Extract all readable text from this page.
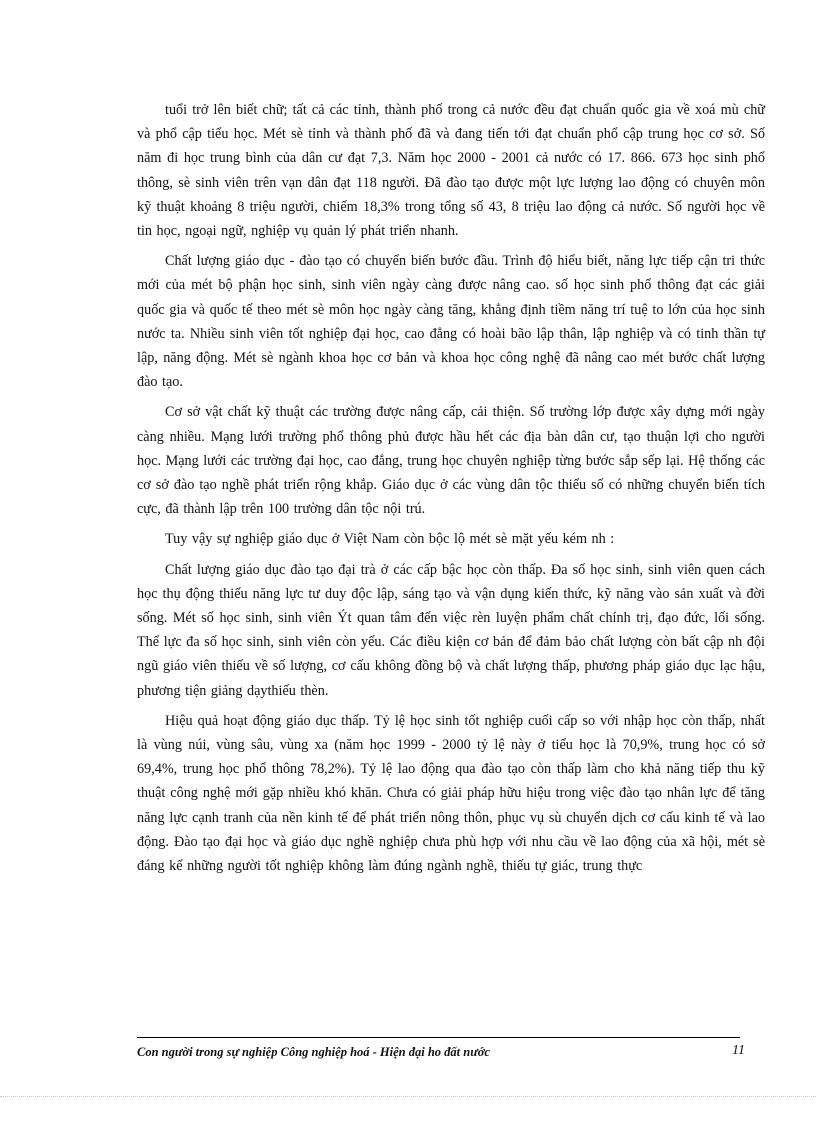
tuổi trở lên biết chữ; tất cả các tỉnh, thành phố trong cả nước đều đạt chuẩn quốc gia về xoá mù chữ và phổ cập tiểu học. Mét sè tỉnh và thành phố đã và đang tiến tới đạt chuẩn phổ cập trung học cơ sở. Số năm đi học trung bình của dân cư đạt 7,3. Năm học 2000 - 2001 cả nước có 17. 866. 673 học sinh phổ thông, sè sinh viên trên vạn dân đạt 118 người. Đã đào tạo được một lực lượng lao động có chuyên môn kỹ thuật khoảng 8 triệu người, chiếm 18,3% trong tổng số 43, 8 triệu lao động cả nước. Số người học về tin học, ngoại ngữ, nghiệp vụ quản lý phát triển nhanh.

Chất lượng giáo dục - đào tạo có chuyển biến bước đầu. Trình độ hiểu biết, năng lực tiếp cận tri thức mới của mét bộ phận học sinh, sinh viên ngày càng được nâng cao. số học sinh phổ thông đạt các giải quốc gia và quốc tế theo mét sè môn học ngày càng tăng, khẳng định tiềm năng trí tuệ to lớn của học sinh nước ta. Nhiều sinh viên tốt nghiệp đại học, cao đẳng có hoài bão lập thân, lập nghiệp và có tinh thần tự lập, năng động. Mét sè ngành khoa học cơ bản và khoa học công nghệ đã nâng cao mét bước chất lượng đào tạo.

Cơ sở vật chất kỹ thuật các trường được nâng cấp, cải thiện. Số trường lớp được xây dựng mới ngày càng nhiều. Mạng lưới trường phổ thông phủ được hầu hết các địa bàn dân cư, tạo thuận lợi cho người học. Mạng lưới các trường đại học, cao đẳng, trung học chuyên nghiệp từng bước sắp sếp lại. Hệ thống các cơ sở đào tạo nghề phát triển rộng khắp. Giáo dục ở các vùng dân tộc thiểu số có những chuyển biến tích cực, đã thành lập trên 100 trường dân tộc nội trú.

Tuy vậy sự nghiệp giáo dục ở Việt Nam còn bộc lộ mét sè mặt yếu kém nh :

Chất lượng giáo dục đào tạo đại trà ở các cấp bậc học còn thấp. Đa số học sinh, sinh viên quen cách học thụ động thiếu năng lực tư duy độc lập, sáng tạo và vận dụng kiến thức, kỹ năng vào sản xuất và đời sống. Mét số học sinh, sinh viên Ýt quan tâm đến việc rèn luyện phẩm chất chính trị, đạo đức, lối sống. Thể lực đa số học sinh, sinh viên còn yếu. Các điều kiện cơ bản để đảm bảo chất lượng còn bất cập nh đội ngũ giáo viên thiếu về số lượng, cơ cấu không đồng bộ và chất lượng thấp, phương pháp giáo dục lạc hậu, phương tiện giảng dạythiếu thèn.

Hiệu quả hoạt động giáo dục thấp. Tỷ lệ học sinh tốt nghiệp cuối cấp so với nhập học còn thấp, nhất là vùng núi, vùng sâu, vùng xa (năm học 1999 - 2000 tỷ lệ này ở tiểu học là 70,9%, trung học có sở 69,4%, trung học phổ thông 78,2%). Tỷ lệ lao động qua đào tạo còn thấp làm cho khả năng tiếp thu kỹ thuật công nghệ mới gặp nhiều khó khăn. Chưa có giải pháp hữu hiệu trong việc đào tạo nhân lực để tăng năng lực cạnh tranh của nền kinh tế để phát triển nông thôn, phục vụ sù chuyển dịch cơ cấu kinh tế và lao động. Đào tạo đại học và giáo dục nghề nghiệp chưa phù hợp với nhu cầu về lao động của xã hội, mét sè đáng kể những người tốt nghiệp không làm đúng ngành nghề, thiếu tự giác, trung thực

Con người trong sự nghiệp Công nghiệp hoá - Hiện đại ho đất nước	11
